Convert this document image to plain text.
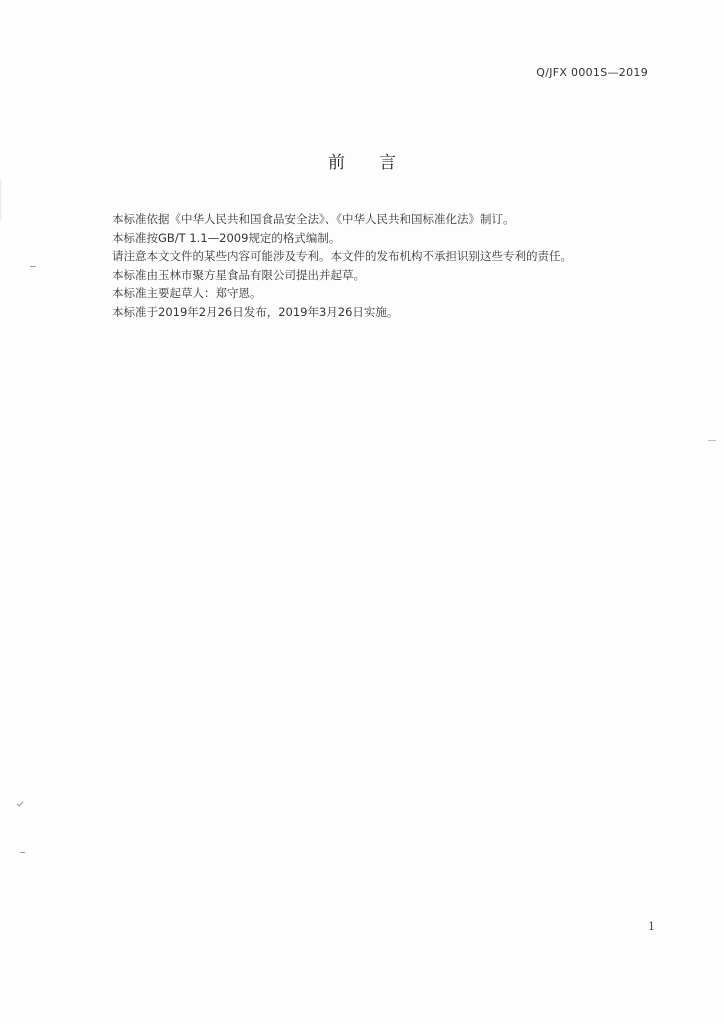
Q/JFX 0001S—2019
前 言

本标准依据《中华人民共和国食品安全法》、《中华人民共和国标准化法》制订。

本标准按GB/T 1.1—2009规定的格式编制。

请注意本文文件的某些内容可能涉及专利。本文件的发布机构不承担识别这些专利的责任。

本标准由玉林市聚方星食品有限公司提出并起草。

本标准主要起草人：郑守恩。

本标准于2019年2月26日发布，2019年3月26日实施。

1
